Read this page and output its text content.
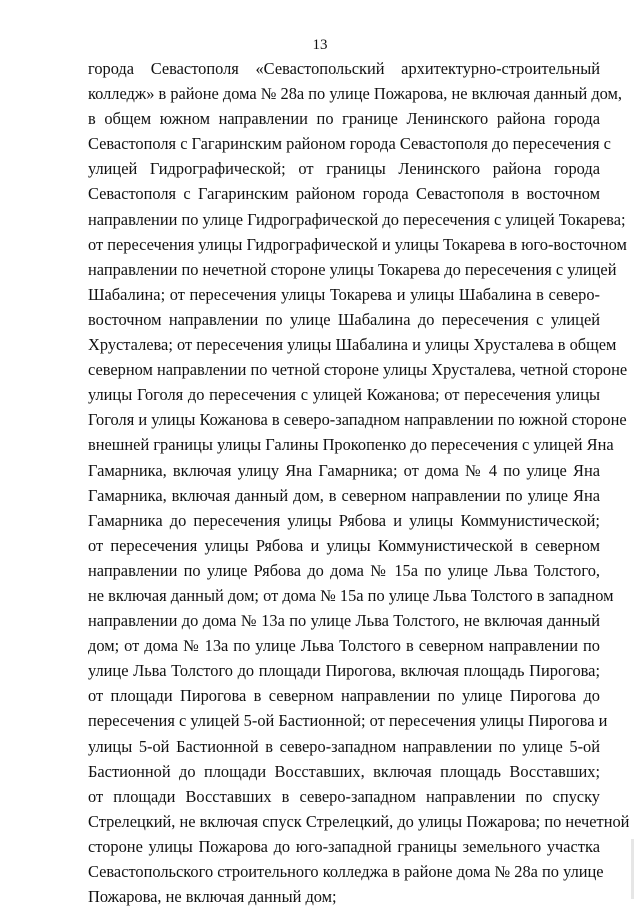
13
города Севастополя «Севастопольский архитектурно-строительный
колледж» в районе дома № 28а по улице Пожарова, не включая данный дом,
в общем южном направлении по границе Ленинского района города
Севастополя с Гагаринским районом города Севастополя до пересечения с
улицей Гидрографической; от границы Ленинского района города
Севастополя с Гагаринским районом города Севастополя в восточном
направлении по улице Гидрографической до пересечения с улицей Токарева;
от пересечения улицы Гидрографической и улицы Токарева в юго-восточном
направлении по нечетной стороне улицы Токарева до пересечения с улицей
Шабалина; от пересечения улицы Токарева и улицы Шабалина в северо-
восточном направлении по улице Шабалина до пересечения с улицей
Хрусталева; от пересечения улицы Шабалина и улицы Хрусталева в общем
северном направлении по четной стороне улицы Хрусталева, четной стороне
улицы Гоголя до пересечения с улицей Кожанова; от пересечения улицы
Гоголя и улицы Кожанова в северо-западном направлении по южной стороне
внешней границы улицы Галины Прокопенко до пересечения с улицей Яна
Гамарника, включая улицу Яна Гамарника; от дома № 4 по улице Яна
Гамарника, включая данный дом, в северном направлении по улице Яна
Гамарника до пересечения улицы Рябова и улицы Коммунистической;
от пересечения улицы Рябова и улицы Коммунистической в северном
направлении по улице Рябова до дома № 15а по улице Льва Толстого,
не включая данный дом; от дома № 15а по улице Льва Толстого в западном
направлении до дома № 13а по улице Льва Толстого, не включая данный
дом; от дома № 13а по улице Льва Толстого в северном направлении по
улице Льва Толстого до площади Пирогова, включая площадь Пирогова;
от площади Пирогова в северном направлении по улице Пирогова до
пересечения с улицей 5-ой Бастионной; от пересечения улицы Пирогова и
улицы 5-ой Бастионной в северо-западном направлении по улице 5-ой
Бастионной до площади Восставших, включая площадь Восставших;
от площади Восставших в северо-западном направлении по спуску
Стрелецкий, не включая спуск Стрелецкий, до улицы Пожарова; по нечетной
стороне улицы Пожарова до юго-западной границы земельного участка
Севастопольского строительного колледжа в районе дома № 28а по улице
Пожарова, не включая данный дом;
